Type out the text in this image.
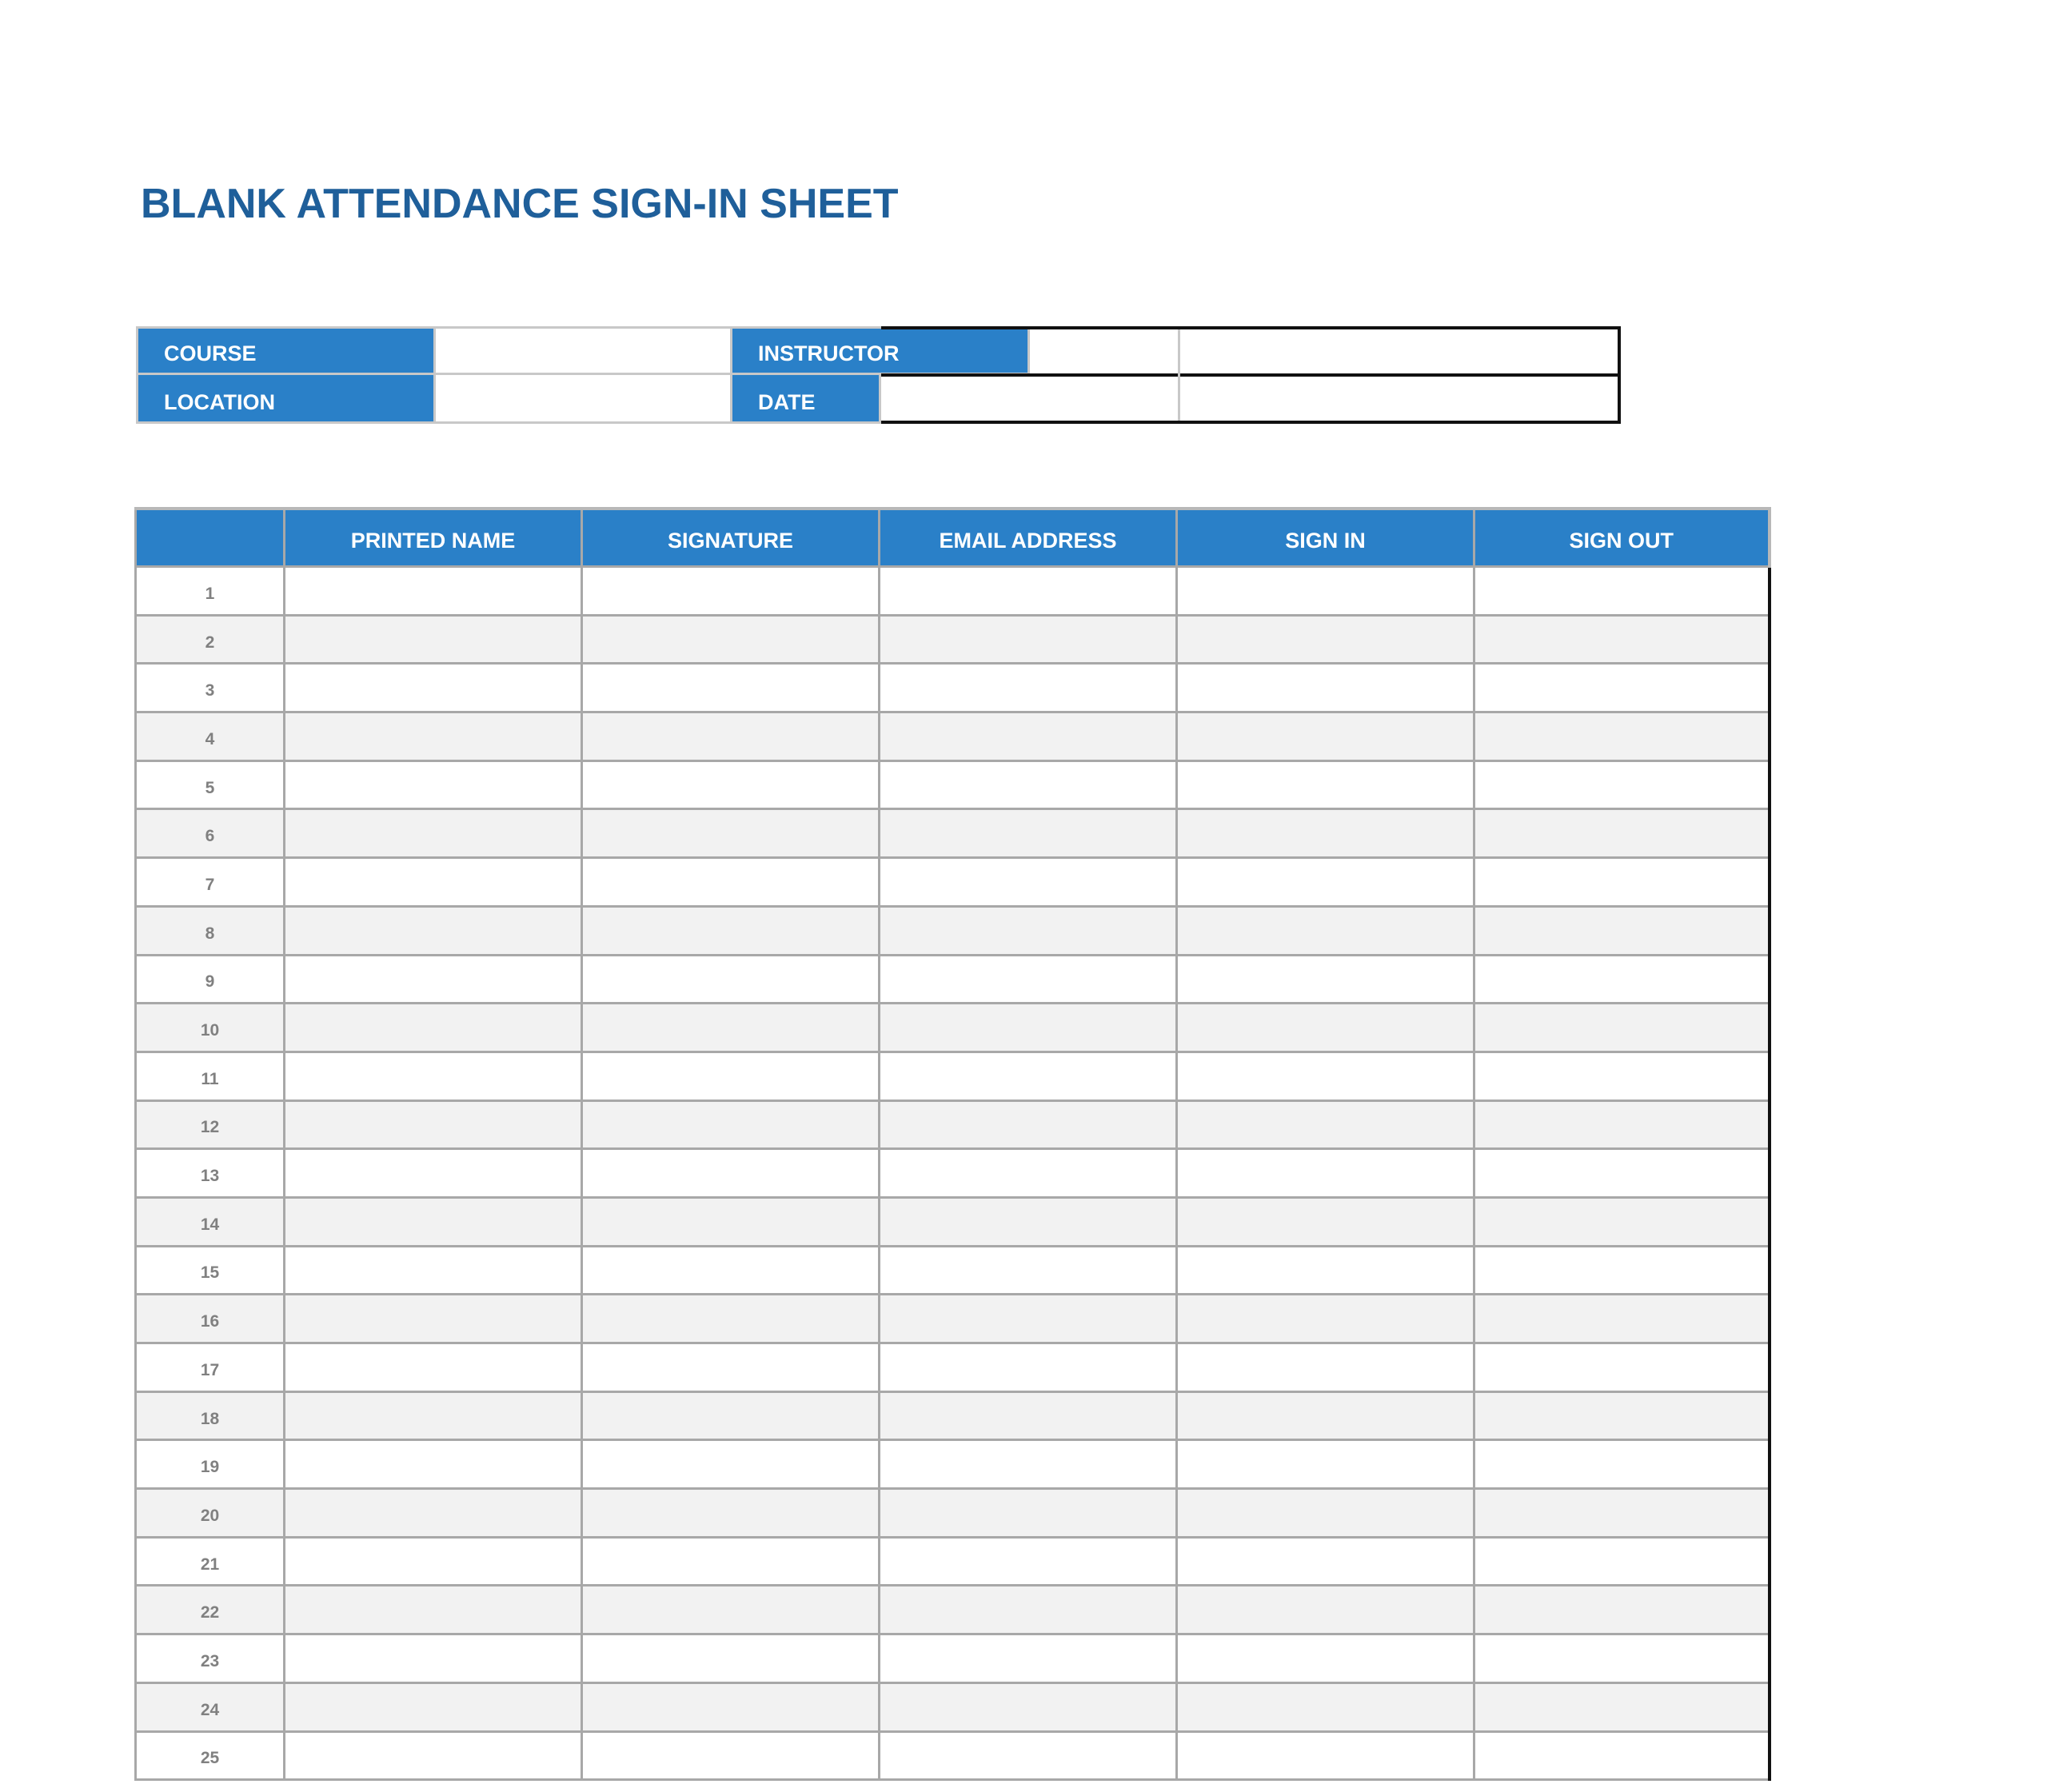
BLANK ATTENDANCE SIGN-IN SHEET
COURSE	INSTRUCTOR
LOCATION	DATE
	PRINTED NAME	SIGNATURE	EMAIL ADDRESS	SIGN IN	SIGN OUT
1					
2					
3					
4					
5					
6					
7					
8					
9					
10					
11					
12					
13					
14					
15					
16					
17					
18					
19					
20					
21					
22					
23					
24					
25					
